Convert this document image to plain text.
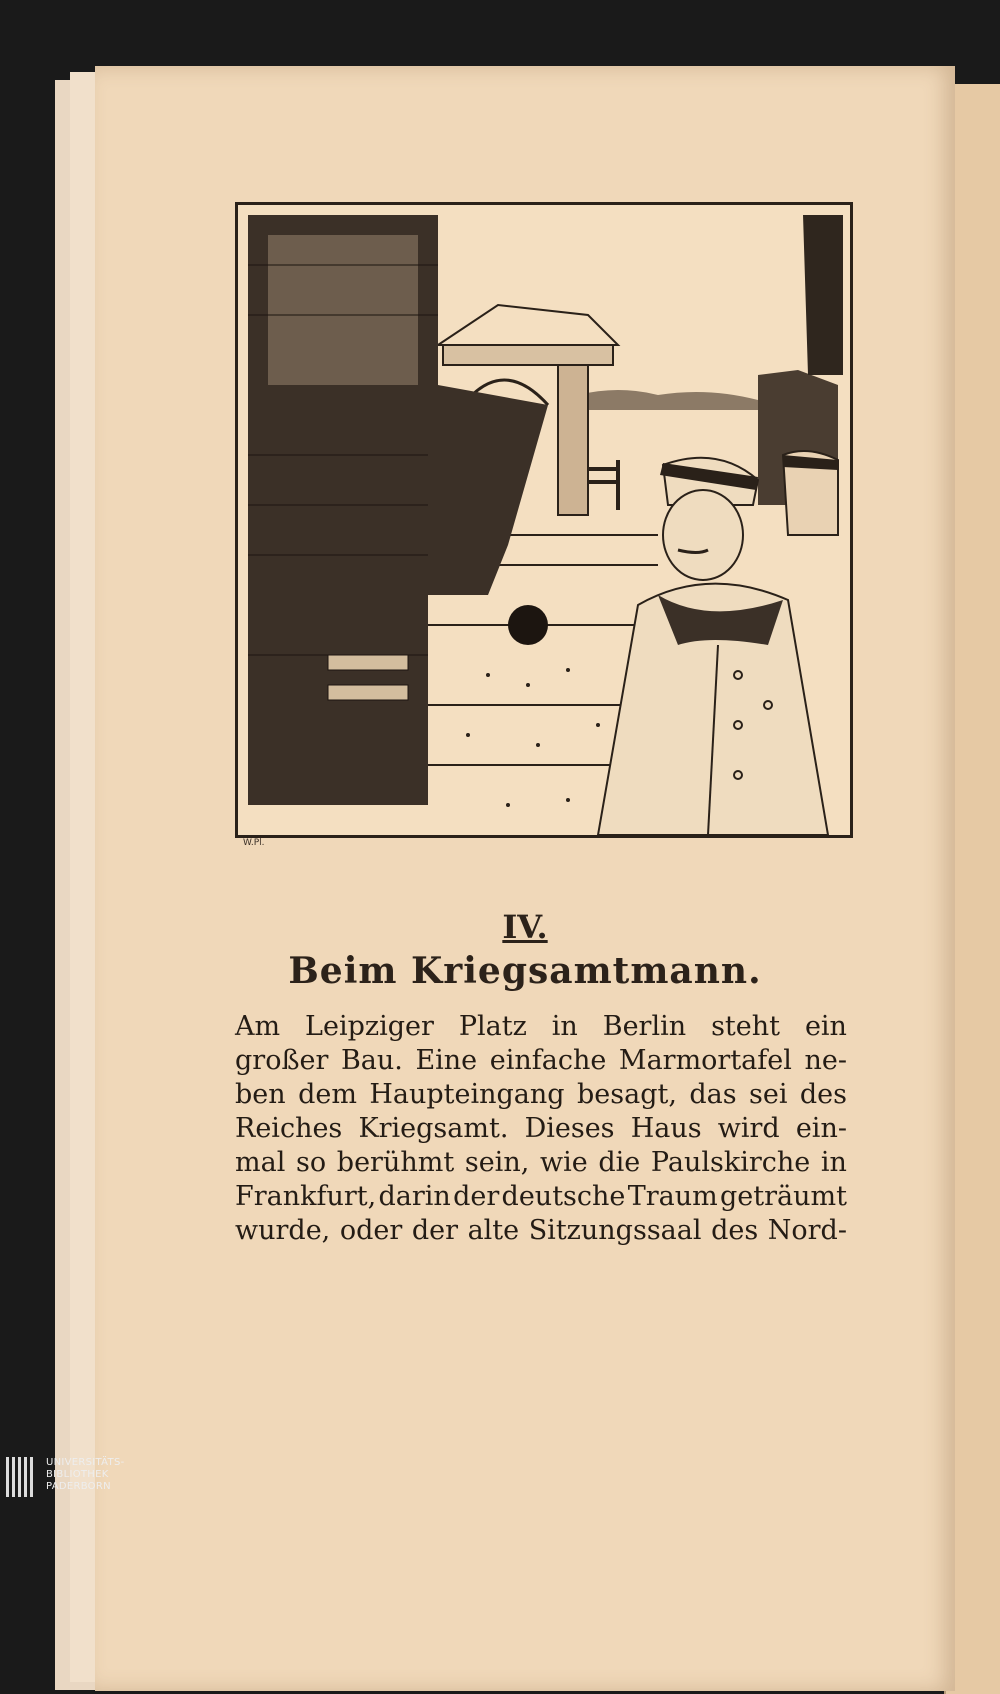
W.Pl.
IV.
Beim Kriegsamtmann.
Am Leipziger Platz in Berlin steht ein
großer Bau. Eine einfache Marmortafel ne-
ben dem Haupteingang besagt, das sei des
Reiches Kriegsamt. Dieses Haus wird ein-
mal so berühmt sein, wie die Paulskirche in
Frankfurt, darin der deutsche Traum geträumt
wurde, oder der alte Sitzungssaal des Nord-
UNIVERSITÄTS-
BIBLIOTHEK
PADERBORN
